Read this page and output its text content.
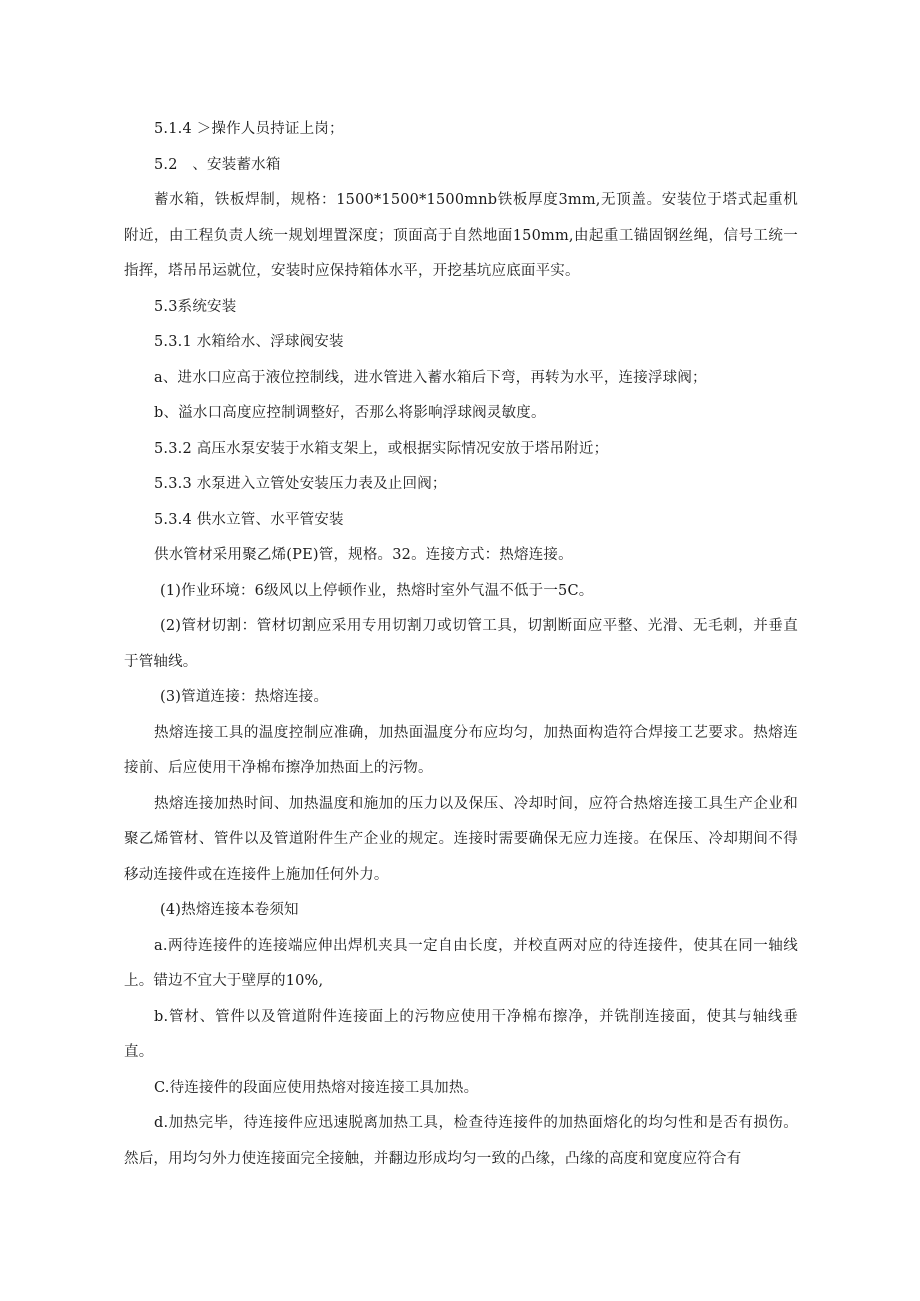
5.1.4 ＞操作人员持证上岗；

5.2　、安装蓄水箱

蓄水箱，铁板焊制，规格：1500*1500*1500mnb铁板厚度3mm,无顶盖。安装位于塔式起重机附近，由工程负责人统一规划埋置深度；顶面高于自然地面150mm,由起重工锚固钢丝绳，信号工统一指挥，塔吊吊运就位，安装时应保持箱体水平，开挖基坑应底面平实。

5.3系统安装

5.3.1 水箱给水、浮球阀安装

a、进水口应高于液位控制线，进水管进入蓄水箱后下弯，再转为水平，连接浮球阀；

b、溢水口高度应控制调整好，否那么将影响浮球阀灵敏度。

5.3.2 高压水泵安装于水箱支架上，或根据实际情况安放于塔吊附近；

5.3.3 水泵进入立管处安装压力表及止回阀；

5.3.4 供水立管、水平管安装

供水管材采用聚乙烯(PE)管，规格。32。连接方式：热熔连接。

(1)作业环境：6级风以上停顿作业，热熔时室外气温不低于一5C。

(2)管材切割：管材切割应采用专用切割刀或切管工具，切割断面应平整、光滑、无毛刺，并垂直于管轴线。

(3)管道连接：热熔连接。

热熔连接工具的温度控制应准确，加热面温度分布应均匀，加热面构造符合焊接工艺要求。热熔连接前、后应使用干净棉布擦净加热面上的污物。

热熔连接加热时间、加热温度和施加的压力以及保压、冷却时间，应符合热熔连接工具生产企业和聚乙烯管材、管件以及管道附件生产企业的规定。连接时需要确保无应力连接。在保压、冷却期间不得移动连接件或在连接件上施加任何外力。

(4)热熔连接本卷须知

a.两待连接件的连接端应伸出焊机夹具一定自由长度，并校直两对应的待连接件，使其在同一轴线上。错边不宜大于壁厚的10%,

b.管材、管件以及管道附件连接面上的污物应使用干净棉布擦净，并铣削连接面，使其与轴线垂直。

C.待连接件的段面应使用热熔对接连接工具加热。

d.加热完毕，待连接件应迅速脱离加热工具，检查待连接件的加热面熔化的均匀性和是否有损伤。然后，用均匀外力使连接面完全接触，并翻边形成均匀一致的凸缘，凸缘的高度和宽度应符合有
